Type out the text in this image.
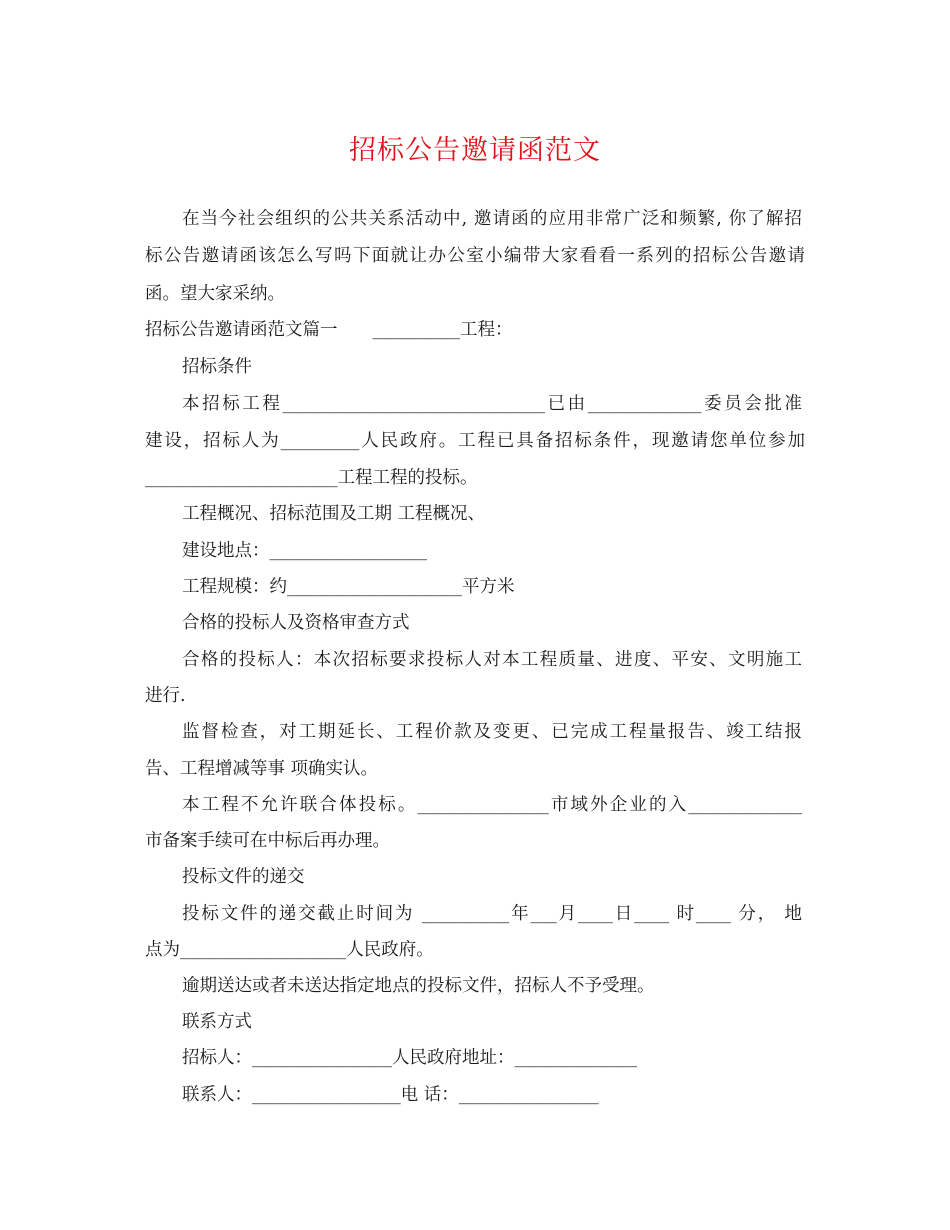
招标公告邀请函范文
在当今社会组织的公共关系活动中, 邀请函的应用非常广泛和频繁, 你了解招
标公告邀请函该怎么写吗下面就让办公室小编带大家看看一系列的招标公告邀请
函。望大家采纳。
招标公告邀请函范文篇一　　__________工程：
招标条件
本招标工程______________________________已由_____________委员会批准
建设，招标人为_________人民政府。工程已具备招标条件，现邀请您单位参加
______________________工程工程的投标。
工程概况、招标范围及工期 工程概况、
建设地点：__________________
工程规模：约____________________平方米
合格的投标人及资格审查方式
合格的投标人：本次招标要求投标人对本工程质量、进度、平安、文明施工
进行.
监督检查，对工期延长、工程价款及变更、已完成工程量报告、竣工结报
告、工程增减等事 项确实认。
本工程不允许联合体投标。_______________市域外企业的入_____________
市备案手续可在中标后再办理。
投标文件的递交
投标文件的递交截止时间为 __________年___月____日____ 时____ 分， 地
点为___________________人民政府。
逾期送达或者未送达指定地点的投标文件，招标人不予受理。
联系方式
招标人：________________人民政府地址：______________
联系人：_________________电 话：________________
